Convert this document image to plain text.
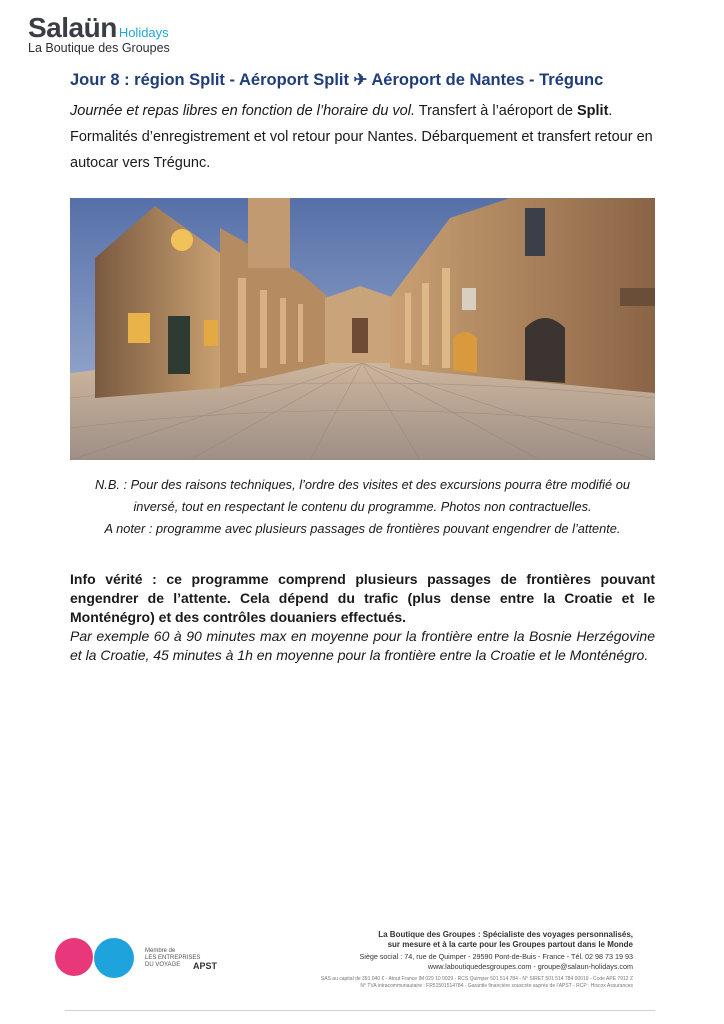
Salaün Holidays
La Boutique des Groupes
Jour 8 : région Split - Aéroport Split ✈ Aéroport de Nantes - Trégunc
Journée et repas libres en fonction de l’horaire du vol. Transfert à l’aéroport de Split. Formalités d’enregistrement et vol retour pour Nantes. Débarquement et transfert retour en autocar vers Trégunc.
N.B. : Pour des raisons techniques, l’ordre des visites et des excursions pourra être modifié ou
inversé, tout en respectant le contenu du programme. Photos non contractuelles.
A noter : programme avec plusieurs passages de frontières pouvant engendrer de l’attente.
Info vérité : ce programme comprend plusieurs passages de frontières pouvant engendrer de l’attente. Cela dépend du trafic (plus dense entre la Croatie et le Monténégro) et des contrôles douaniers effectués.
Par exemple 60 à 90 minutes max en moyenne pour la frontière entre la Bosnie Herzégovine et la Croatie, 45 minutes à 1h en moyenne pour la frontière entre la Croatie et le Monténégro.
Membre de
LES ENTREPRISES
DU VOYAGE	APST
La Boutique des Groupes : Spécialiste des voyages personnalisés,
sur mesure et à la carte pour les Groupes partout dans le Monde
Siège social : 74, rue de Quimper - 29590 Pont-de-Buis - France - Tél. 02 98 73 19 93
www.laboutiquedesgroupes.com - groupe@salaun-holidays.com
SAS au capital de 391 040 € - Atout France IM 029 10 0029 - RCS Quimper 501 514 784 - N° SIRET 501 514 784 00019 - Code APE 7912 Z
N° TVA intracommunautaire : FR51501514784 - Garantie financière souscrite auprès de l’APST - RCP : Hiscox Assurances
